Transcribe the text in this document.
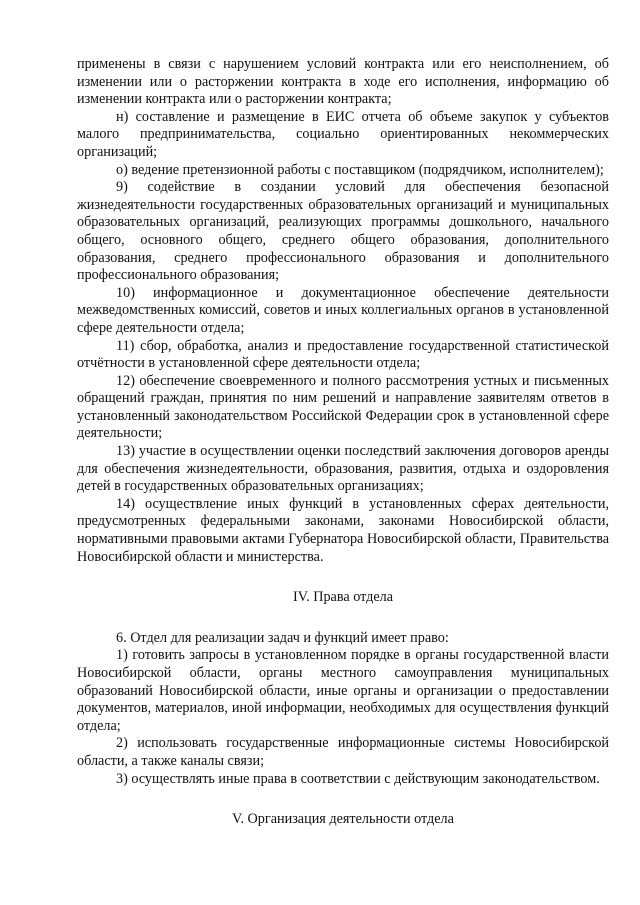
применены в связи с нарушением условий контракта или его неисполнением, об изменении или о расторжении контракта в ходе его исполнения, информацию об изменении контракта или о расторжении контракта;

н) составление и размещение в ЕИС отчета об объеме закупок у субъектов малого предпринимательства, социально ориентированных некоммерческих организаций;

о) ведение претензионной работы с поставщиком (подрядчиком, исполнителем);

9) содействие в создании условий для обеспечения безопасной жизнедеятельности государственных образовательных организаций и муниципальных образовательных организаций, реализующих программы дошкольного, начального общего, основного общего, среднего общего образования, дополнительного образования, среднего профессионального образования и дополнительного профессионального образования;

10) информационное и документационное обеспечение деятельности межведомственных комиссий, советов и иных коллегиальных органов в установленной сфере деятельности отдела;

11) сбор, обработка, анализ и предоставление государственной статистической отчётности в установленной сфере деятельности отдела;

12) обеспечение своевременного и полного рассмотрения устных и письменных обращений граждан, принятия по ним решений и направление заявителям ответов в установленный законодательством Российской Федерации срок в установленной сфере деятельности;

13) участие в осуществлении оценки последствий заключения договоров аренды для обеспечения жизнедеятельности, образования, развития, отдыха и оздоровления детей в государственных образовательных организациях;

14) осуществление иных функций в установленных сферах деятельности, предусмотренных федеральными законами, законами Новосибирской области, нормативными правовыми актами Губернатора Новосибирской области, Правительства Новосибирской области и министерства.

IV. Права отдела

6. Отдел для реализации задач и функций имеет право:

1) готовить запросы в установленном порядке в органы государственной власти Новосибирской области, органы местного самоуправления муниципальных образований Новосибирской области, иные органы и организации о предоставлении документов, материалов, иной информации, необходимых для осуществления функций отдела;

2) использовать государственные информационные системы Новосибирской области, а также каналы связи;

3) осуществлять иные права в соответствии с действующим законодательством.

V. Организация деятельности отдела
